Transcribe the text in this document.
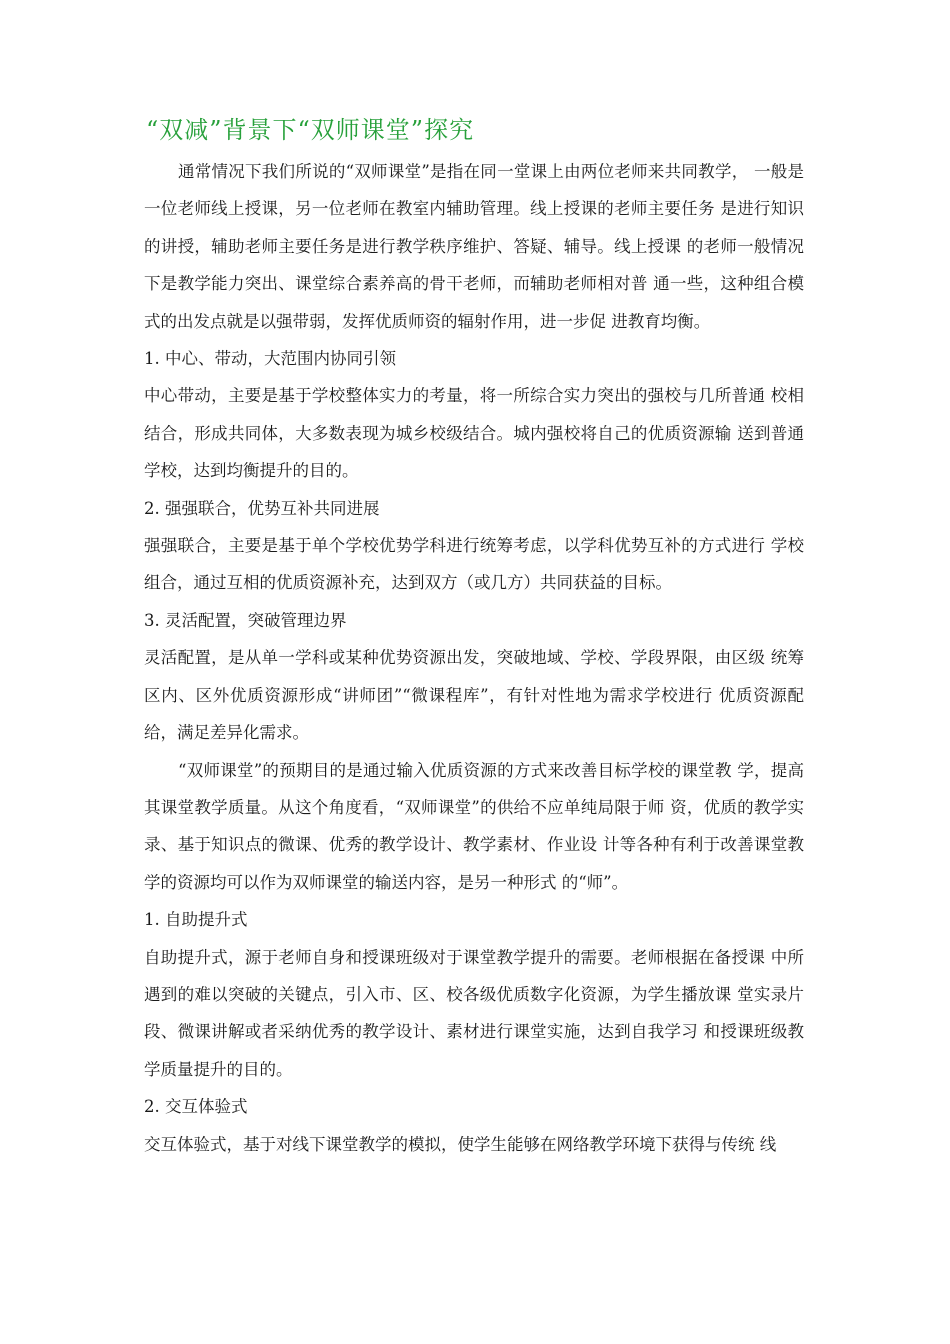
“双减”背景下“双师课堂”探究

通常情况下我们所说的“双师课堂”是指在同一堂课上由两位老师来共同教学， 一般是一位老师线上授课，另一位老师在教室内辅助管理。线上授课的老师主要任务 是进行知识的讲授，辅助老师主要任务是进行教学秩序维护、答疑、辅导。线上授课 的老师一般情况下是教学能力突出、课堂综合素养高的骨干老师，而辅助老师相对普 通一些，这种组合模式的出发点就是以强带弱，发挥优质师资的辐射作用，进一步促 进教育均衡。

1. 中心、带动，大范围内协同引领

中心带动，主要是基于学校整体实力的考量，将一所综合实力突出的强校与几所普通 校相结合，形成共同体，大多数表现为城乡校级结合。城内强校将自己的优质资源输 送到普通学校，达到均衡提升的目的。

2. 强强联合，优势互补共同进展

强强联合，主要是基于单个学校优势学科进行统筹考虑，以学科优势互补的方式进行 学校组合，通过互相的优质资源补充，达到双方（或几方）共同获益的目标。

3. 灵活配置，突破管理边界

灵活配置，是从单一学科或某种优势资源出发，突破地域、学校、学段界限，由区级 统筹区内、区外优质资源形成“讲师团”“微课程库”，有针对性地为需求学校进行 优质资源配给，满足差异化需求。

“双师课堂”的预期目的是通过输入优质资源的方式来改善目标学校的课堂教 学，提高其课堂教学质量。从这个角度看，“双师课堂”的供给不应单纯局限于师 资，优质的教学实录、基于知识点的微课、优秀的教学设计、教学素材、作业设 计等各种有利于改善课堂教学的资源均可以作为双师课堂的输送内容，是另一种形式 的“师”。

1. 自助提升式

自助提升式，源于老师自身和授课班级对于课堂教学提升的需要。老师根据在备授课 中所遇到的难以突破的关键点，引入市、区、校各级优质数字化资源，为学生播放课 堂实录片段、微课讲解或者采纳优秀的教学设计、素材进行课堂实施，达到自我学习 和授课班级教学质量提升的目的。

2. 交互体验式

交互体验式，基于对线下课堂教学的模拟，使学生能够在网络教学环境下获得与传统 线
